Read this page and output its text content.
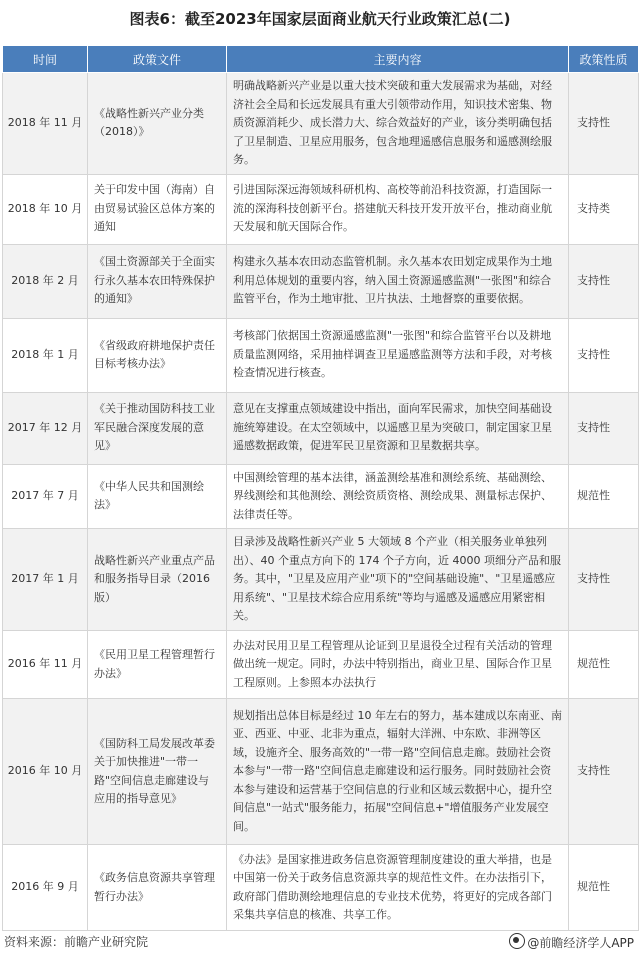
图表6：截至2023年国家层面商业航天行业政策汇总(二)
时间	政策文件	主要内容	政策性质
2018 年 11 月	《战略性新兴产业分类（2018）》	明确战略新兴产业是以重大技术突破和重大发展需求为基础，对经济社会全局和长远发展具有重大引领带动作用，知识技术密集、物质资源消耗少、成长潜力大、综合效益好的产业，该分类明确包括了卫星制造、卫星应用服务，包含地理遥感信息服务和遥感测绘服务。	支持性
2018 年 10 月	关于印发中国（海南）自由贸易试验区总体方案的通知	引进国际深远海领域科研机构、高校等前沿科技资源，打造国际一流的深海科技创新平台。搭建航天科技开发开放平台，推动商业航天发展和航天国际合作。	支持类
2018 年 2 月	《国土资源部关于全面实行永久基本农田特殊保护的通知》	构建永久基本农田动态监管机制。永久基本农田划定成果作为土地利用总体规划的重要内容，纳入国土资源遥感监测"一张图"和综合监管平台，作为土地审批、卫片执法、土地督察的重要依据。	支持性
2018 年 1 月	《省级政府耕地保护责任目标考核办法》	考核部门依据国土资源遥感监测"一张图"和综合监管平台以及耕地质量监测网络，采用抽样调查卫星遥感监测等方法和手段，对考核检查情况进行核查。	支持性
2017 年 12 月	《关于推动国防科技工业军民融合深度发展的意见》	意见在支撑重点领域建设中指出，面向军民需求，加快空间基础设施统筹建设。在太空领域中，以遥感卫星为突破口，制定国家卫星遥感数据政策，促进军民卫星资源和卫星数据共享。	支持性
2017 年 7 月	《中华人民共和国测绘法》	中国测绘管理的基本法律，涵盖测绘基准和测绘系统、基础测绘、界线测绘和其他测绘、测绘资质资格、测绘成果、测量标志保护、法律责任等。	规范性
2017 年 1 月	战略性新兴产业重点产品和服务指导目录（2016 版）	目录涉及战略性新兴产业 5 大领域 8 个产业（相关服务业单独列出）、40 个重点方向下的 174 个子方向，近 4000 项细分产品和服务。其中，"卫星及应用产业"项下的"空间基础设施"、"卫星遥感应用系统"、"卫星技术综合应用系统"等均与遥感及遥感应用紧密相关。	支持性
2016 年 11 月	《民用卫星工程管理暂行办法》	办法对民用卫星工程管理从论证到卫星退役全过程有关活动的管理做出统一规定。同时，办法中特别指出，商业卫星、国际合作卫星工程原则。上参照本办法执行	规范性
2016 年 10 月	《国防科工局发展改革委关于加快推进"一带一路"空间信息走廊建设与应用的指导意见》	规划指出总体目标是经过 10 年左右的努力，基本建成以东南亚、南亚、西亚、中亚、北非为重点，辐射大洋洲、中东欧、非洲等区域，设施齐全、服务高效的"一带一路"空间信息走廊。鼓励社会资本参与"一带一路"空间信息走廊建设和运行服务。同时鼓励社会资本参与建设和运营基于空间信息的行业和区域云数据中心，提升空间信息"一站式"服务能力，拓展"空间信息+"增值服务产业发展空间。	支持性
2016 年 9 月	《政务信息资源共享管理暂行办法》	《办法》是国家推进政务信息资源管理制度建设的重大举措，也是中国第一份关于政务信息资源共享的规范性文件。在办法指引下，政府部门借助测绘地理信息的专业技术优势，将更好的完成各部门采集共享信息的核准、共享工作。	规范性
资料来源：前瞻产业研究院	@前瞻经济学人APP
